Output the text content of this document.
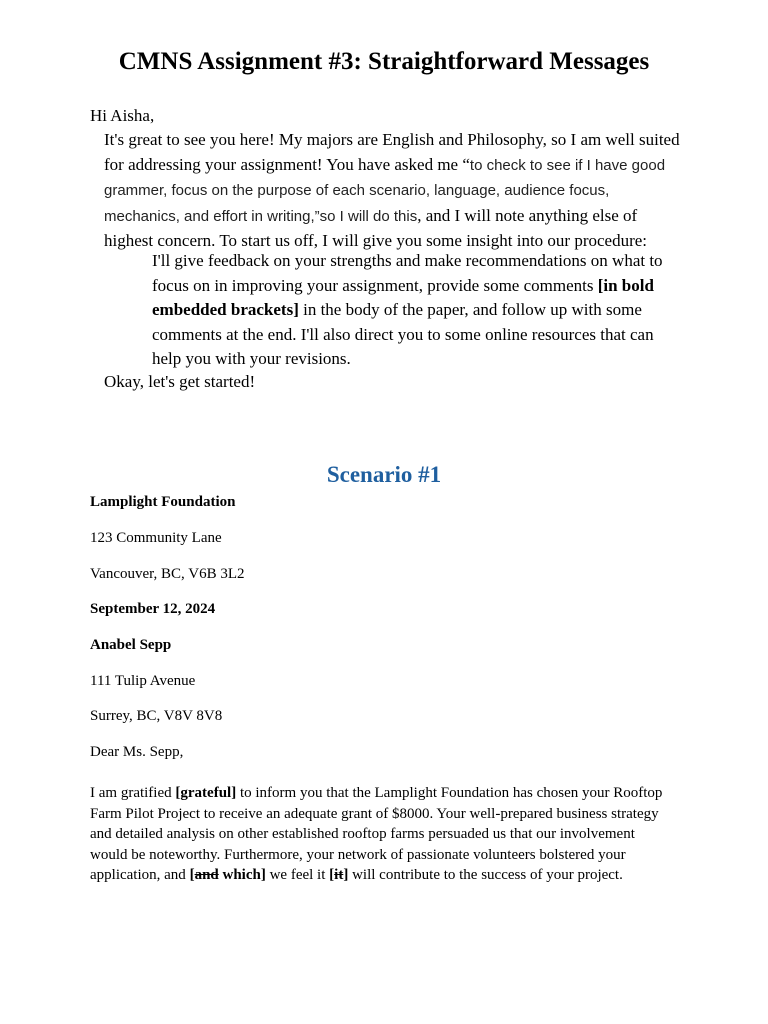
CMNS Assignment #3: Straightforward Messages

Hi Aisha,

It's great to see you here! My majors are English and Philosophy, so I am well suited for addressing your assignment! You have asked me “to check to see if I have good grammer, focus on the purpose of each scenario, language, audience focus, mechanics, and effort in writing,”so I will do this, and I will note anything else of highest concern. To start us off, I will give you some insight into our procedure:

I'll give feedback on your strengths and make recommendations on what to focus on in improving your assignment, provide some comments [in bold embedded brackets] in the body of the paper, and follow up with some comments at the end. I'll also direct you to some online resources that can help you with your revisions.

Okay, let's get started!

Scenario #1

Lamplight Foundation

123 Community Lane

Vancouver, BC, V6B 3L2

September 12, 2024

Anabel Sepp

111 Tulip Avenue

Surrey, BC, V8V 8V8

Dear Ms. Sepp,

I am gratified [grateful] to inform you that the Lamplight Foundation has chosen your Rooftop Farm Pilot Project to receive an adequate grant of $8000. Your well-prepared business strategy and detailed analysis on other established rooftop farms persuaded us that our involvement would be noteworthy. Furthermore, your network of passionate volunteers bolstered your application, and [and which] we feel it [it] will contribute to the success of your project.
